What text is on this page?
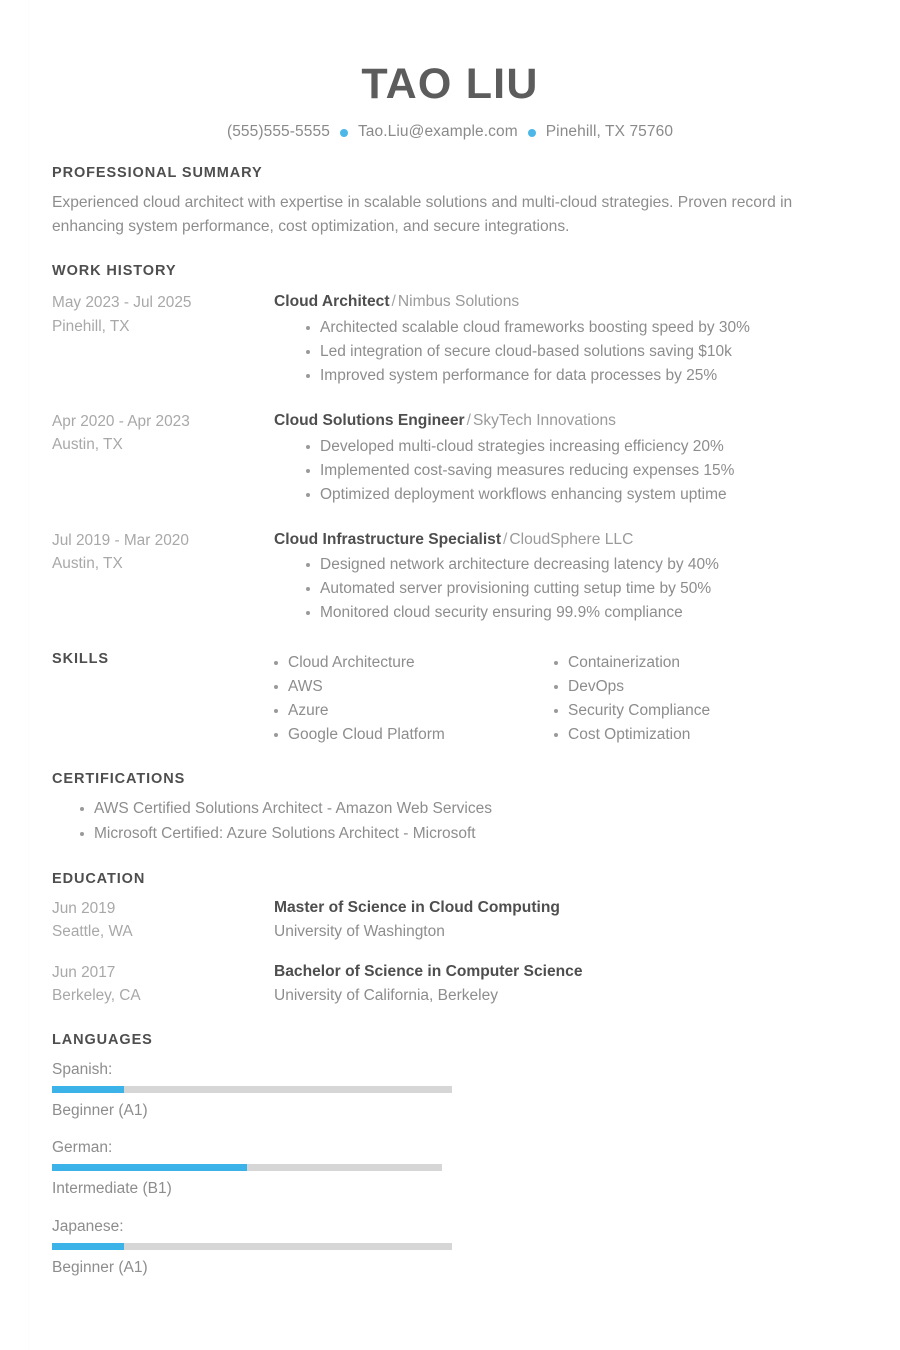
TAO LIU
(555)555-5555 Tao.Liu@example.com Pinehill, TX 75760
PROFESSIONAL SUMMARY

Experienced cloud architect with expertise in scalable solutions and multi-cloud strategies. Proven record in enhancing system performance, cost optimization, and secure integrations.

WORK HISTORY
May 2023 - Jul 2025
Pinehill, TX
Cloud Architect / Nimbus Solutions
Architected scalable cloud frameworks boosting speed by 30%
Led integration of secure cloud-based solutions saving $10k
Improved system performance for data processes by 25%
Apr 2020 - Apr 2023
Austin, TX
Cloud Solutions Engineer / SkyTech Innovations
Developed multi-cloud strategies increasing efficiency 20%
Implemented cost-saving measures reducing expenses 15%
Optimized deployment workflows enhancing system uptime
Jul 2019 - Mar 2020
Austin, TX
Cloud Infrastructure Specialist / CloudSphere LLC
Designed network architecture decreasing latency by 40%
Automated server provisioning cutting setup time by 50%
Monitored cloud security ensuring 99.9% compliance
SKILLS	Cloud Architecture
AWS
Azure
Google Cloud Platform
Containerization
DevOps
Security Compliance
Cost Optimization
CERTIFICATIONS
AWS Certified Solutions Architect - Amazon Web Services
Microsoft Certified: Azure Solutions Architect - Microsoft
EDUCATION
Jun 2019
Seattle, WA
Master of Science in Cloud Computing
University of Washington
Jun 2017
Berkeley, CA
Bachelor of Science in Computer Science
University of California, Berkeley
LANGUAGES
Spanish:
Beginner (A1)
German:
Intermediate (B1)
Japanese:
Beginner (A1)
